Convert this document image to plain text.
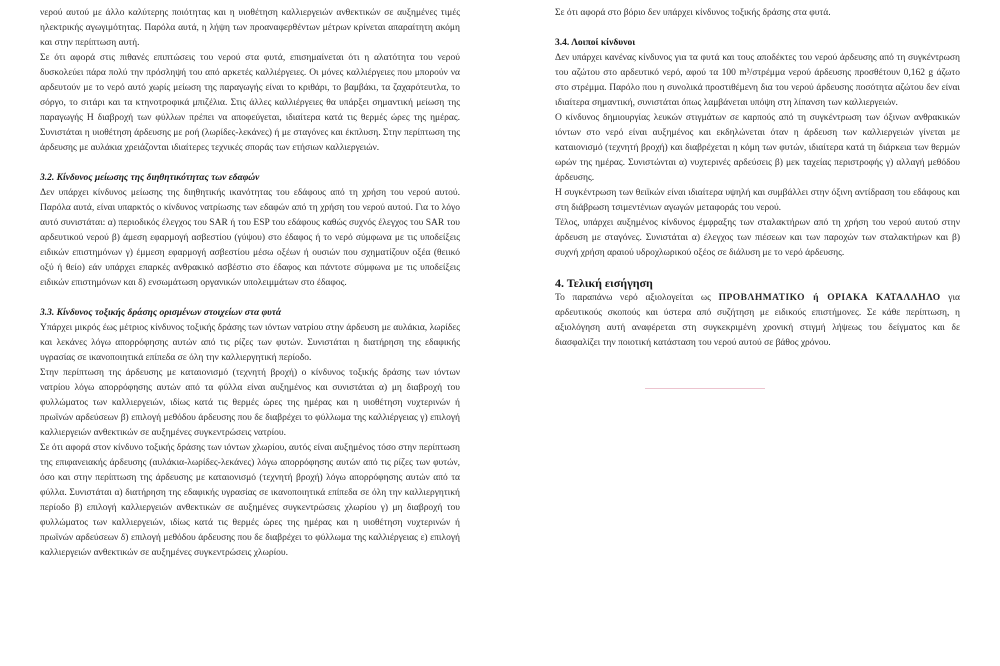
νερού αυτού με άλλο καλύτερης ποιότητας και η υιοθέτηση καλλιεργειών ανθεκτικών σε αυξημένες τιμές ηλεκτρικής αγωγιμότητας. Παρόλα αυτά, η λήψη των προαναφερθέντων μέτρων κρίνεται απαραίτητη ακόμη και στην περίπτωση αυτή.

Σε ότι αφορά στις πιθανές επιπτώσεις του νερού στα φυτά, επισημαίνεται ότι η αλατότητα του νερού δυσκολεύει πάρα πολύ την πρόσληψή του από αρκετές καλλιέργειες. Οι μόνες καλλιέργειες που μπορούν να αρδευτούν με το νερό αυτό χωρίς μείωση της παραγωγής είναι το κριθάρι, το βαμβάκι, τα ζαχαρότευτλα, το σόργο, το σιτάρι και τα κτηνοτροφικά μπιζέλια. Στις άλλες καλλιέργειες θα υπάρξει σημαντική μείωση της παραγωγής Η διαβροχή των φύλλων πρέπει να αποφεύγεται, ιδιαίτερα κατά τις θερμές ώρες της ημέρας. Συνιστάται η υιοθέτηση άρδευσης με ροή (λωρίδες-λεκάνες) ή με σταγόνες και έκπλυση. Στην περίπτωση της άρδευσης με αυλάκια χρειάζονται ιδιαίτερες τεχνικές σποράς των ετήσιων καλλιεργειών.

3.2. Κίνδυνος μείωσης της διηθητικότητας των εδαφών

Δεν υπάρχει κίνδυνος μείωσης της διηθητικής ικανότητας του εδάφους από τη χρήση του νερού αυτού. Παρόλα αυτά, είναι υπαρκτός ο κίνδυνος νατρίωσης των εδαφών από τη χρήση του νερού αυτού. Για το λόγο αυτό συνιστάται: α) περιοδικός έλεγχος του SAR ή του ESP του εδάφους καθώς συχνός έλεγχος του SAR του αρδευτικού νερού β) άμεση εφαρμογή ασβεστίου (γύψου) στο έδαφος ή το νερό σύμφωνα με τις υποδείξεις ειδικών επιστημόνων γ) έμμεση εφαρμογή ασβεστίου μέσω οξέων ή ουσιών που σχηματίζουν οξέα (θειικό οξύ ή θείο) εάν υπάρχει επαρκές ανθρακικό ασβέστιο στο έδαφος και πάντοτε σύμφωνα με τις υποδείξεις ειδικών επιστημόνων και δ) ενσωμάτωση οργανικών υπολειμμάτων στο έδαφος.

3.3. Κίνδυνος τοξικής δράσης ορισμένων στοιχείων στα φυτά

Υπάρχει μικρός έως μέτριος κίνδυνος τοξικής δράσης των ιόντων νατρίου στην άρδευση με αυλάκια, λωρίδες και λεκάνες λόγω απορρόφησης αυτών από τις ρίζες των φυτών. Συνιστάται η διατήρηση της εδαφικής υγρασίας σε ικανοποιητικά επίπεδα σε όλη την καλλιεργητική περίοδο.

Στην περίπτωση της άρδευσης με καταιονισμό (τεχνητή βροχή) ο κίνδυνος τοξικής δράσης των ιόντων νατρίου λόγω απορρόφησης αυτών από τα φύλλα είναι αυξημένος και συνιστάται α) μη διαβροχή του φυλλώματος των καλλιεργειών, ιδίως κατά τις θερμές ώρες της ημέρας και η υιοθέτηση νυχτερινών ή πρωϊνών αρδεύσεων β) επιλογή μεθόδου άρδευσης που δε διαβρέχει το φύλλωμα της καλλιέργειας γ) επιλογή καλλιεργειών ανθεκτικών σε αυξημένες συγκεντρώσεις νατρίου.

Σε ότι αφορά στον κίνδυνο τοξικής δράσης των ιόντων χλωρίου, αυτός είναι αυξημένος τόσο στην περίπτωση της επιφανειακής άρδευσης (αυλάκια-λωρίδες-λεκάνες) λόγω απορρόφησης αυτών από τις ρίζες των φυτών, όσο και στην περίπτωση της άρδευσης με καταιονισμό (τεχνητή βροχή) λόγω απορρόφησης αυτών από τα φύλλα. Συνιστάται α) διατήρηση της εδαφικής υγρασίας σε ικανοποιητικά επίπεδα σε όλη την καλλιεργητική περίοδο β) επιλογή καλλιεργειών ανθεκτικών σε αυξημένες συγκεντρώσεις χλωρίου γ) μη διαβροχή του φυλλώματος των καλλιεργειών, ιδίως κατά τις θερμές ώρες της ημέρας και η υιοθέτηση νυχτερινών ή πρωϊνών αρδεύσεων δ) επιλογή μεθόδου άρδευσης που δε διαβρέχει το φύλλωμα της καλλιέργειας ε) επιλογή καλλιεργειών ανθεκτικών σε αυξημένες συγκεντρώσεις χλωρίου.

Σε ότι αφορά στο βόριο δεν υπάρχει κίνδυνος τοξικής δράσης στα φυτά.

3.4. Λοιποί κίνδυνοι

Δεν υπάρχει κανένας κίνδυνος για τα φυτά και τους αποδέκτες του νερού άρδευσης από τη συγκέντρωση του αζώτου στο αρδευτικό νερό, αφού τα 100 m³/στρέμμα νερού άρδευσης προσθέτουν 0,162 g άζωτο στο στρέμμα. Παρόλο που η συνολικά προστιθέμενη δια του νερού άρδευσης ποσότητα αζώτου δεν είναι ιδιαίτερα σημαντική, συνιστάται όπως λαμβάνεται υπόψη στη λίπανση των καλλιεργειών.

Ο κίνδυνος δημιουργίας λευκών στιγμάτων σε καρπούς από τη συγκέντρωση των όξινων ανθρακικών ιόντων στο νερό είναι αυξημένος και εκδηλώνεται όταν η άρδευση των καλλιεργειών γίνεται με καταιονισμό (τεχνητή βροχή) και διαβρέχεται η κόμη των φυτών, ιδιαίτερα κατά τη διάρκεια των θερμών ωρών της ημέρας. Συνιστώνται α) νυχτερινές αρδεύσεις β) μεκ ταχείας περιστροφής γ) αλλαγή μεθόδου άρδευσης.

Η συγκέντρωση των θειϊκών είναι ιδιαίτερα υψηλή και συμβάλλει στην όξινη αντίδραση του εδάφους και στη διάβρωση τσιμεντένιων αγωγών μεταφοράς του νερού.

Τέλος, υπάρχει αυξημένος κίνδυνος έμφραξης των σταλακτήρων από τη χρήση του νερού αυτού στην άρδευση με σταγόνες. Συνιστάται α) έλεγχος των πιέσεων και των παροχών των σταλακτήρων και β) συχνή χρήση αραιού υδροχλωρικού οξέος σε διάλυση με το νερό άρδευσης.

4. Τελική εισήγηση

Το παραπάνω νερό αξιολογείται ως ΠΡΟΒΛΗΜΑΤΙΚΟ ή ΟΡΙΑΚΑ ΚΑΤΑΛΛΗΛΟ για αρδευτικούς σκοπούς και ύστερα από συζήτηση με ειδικούς επιστήμονες. Σε κάθε περίπτωση, η αξιολόγηση αυτή αναφέρεται στη συγκεκριμένη χρονική στιγμή λήψεως του δείγματος και δε διασφαλίζει την ποιοτική κατάσταση του νερού αυτού σε βάθος χρόνου.
